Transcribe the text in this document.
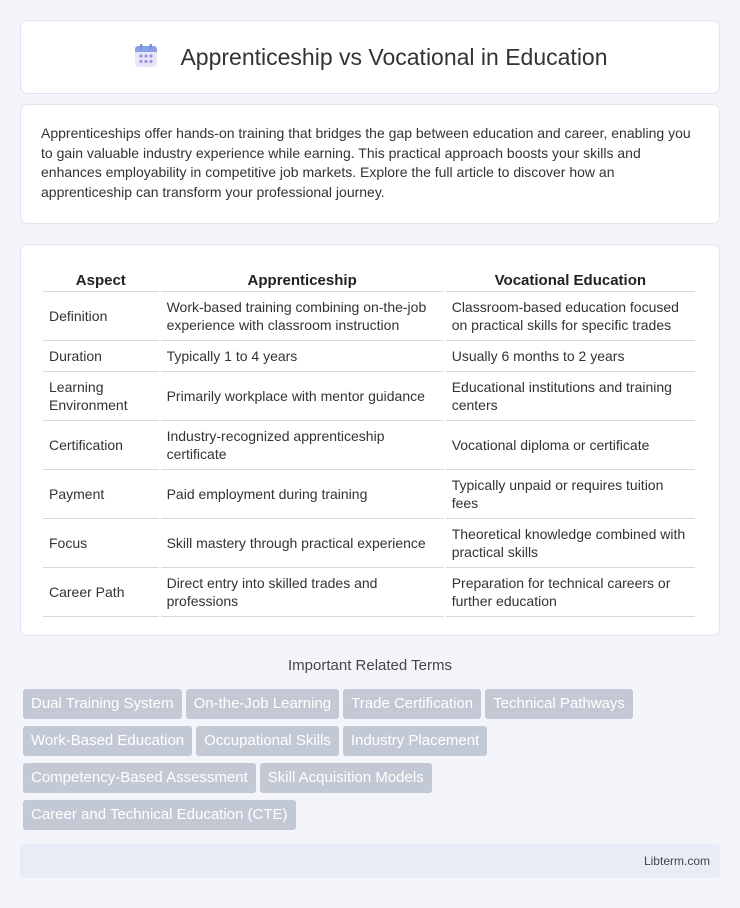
Apprenticeship vs Vocational in Education

Apprenticeships offer hands-on training that bridges the gap between education and career, enabling you to gain valuable industry experience while earning. This practical approach boosts your skills and enhances employability in competitive job markets. Explore the full article to discover how an apprenticeship can transform your professional journey.

Aspect	Apprenticeship	Vocational Education
Definition	Work-based training combining on-the-job experience with classroom instruction	Classroom-based education focused on practical skills for specific trades
Duration	Typically 1 to 4 years	Usually 6 months to 2 years
Learning Environment	Primarily workplace with mentor guidance	Educational institutions and training centers
Certification	Industry-recognized apprenticeship certificate	Vocational diploma or certificate
Payment	Paid employment during training	Typically unpaid or requires tuition fees
Focus	Skill mastery through practical experience	Theoretical knowledge combined with practical skills
Career Path	Direct entry into skilled trades and professions	Preparation for technical careers or further education
Important Related Terms
Dual Training System On-the-Job Learning Trade Certification Technical Pathways
Work-Based Education Occupational Skills Industry Placement
Competency-Based Assessment Skill Acquisition Models
Career and Technical Education (CTE)
Libterm.com
